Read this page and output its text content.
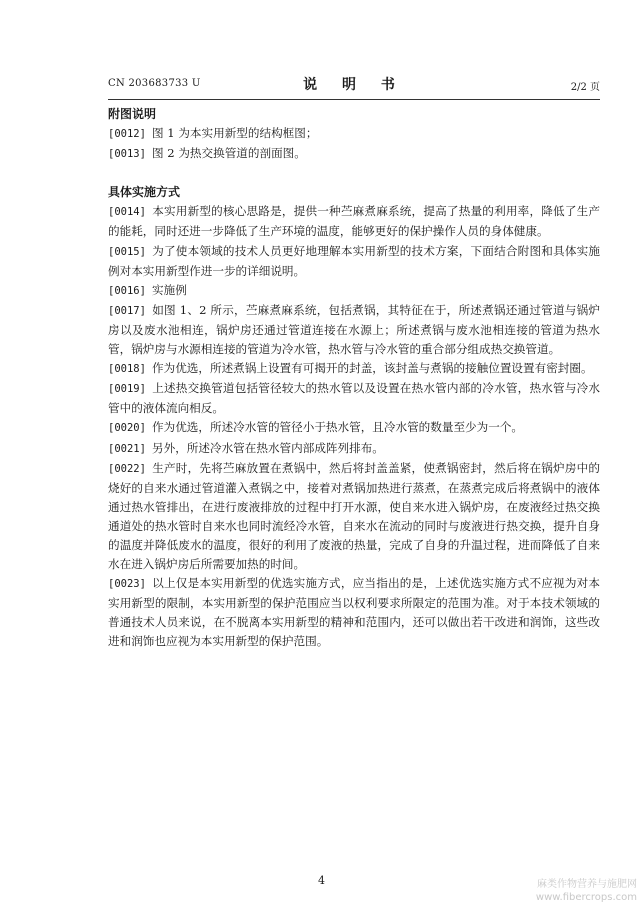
CN 203683733 U	说 明 书	2/2 页
附图说明
[0012] 图 1 为本实用新型的结构框图；
[0013] 图 2 为热交换管道的剖面图。
具体实施方式
[0014] 本实用新型的核心思路是，提供一种苎麻煮麻系统，提高了热量的利用率，降低了生产的能耗，同时还进一步降低了生产环境的温度，能够更好的保护操作人员的身体健康。
[0015] 为了使本领域的技术人员更好地理解本实用新型的技术方案，下面结合附图和具体实施例对本实用新型作进一步的详细说明。
[0016] 实施例
[0017] 如图 1、2 所示，苎麻煮麻系统，包括煮锅，其特征在于，所述煮锅还通过管道与锅炉房以及废水池相连，锅炉房还通过管道连接在水源上；所述煮锅与废水池相连接的管道为热水管，锅炉房与水源相连接的管道为冷水管，热水管与冷水管的重合部分组成热交换管道。
[0018] 作为优选，所述煮锅上设置有可揭开的封盖，该封盖与煮锅的接触位置设置有密封圈。
[0019] 上述热交换管道包括管径较大的热水管以及设置在热水管内部的冷水管，热水管与冷水管中的液体流向相反。
[0020] 作为优选，所述冷水管的管径小于热水管，且冷水管的数量至少为一个。
[0021] 另外，所述冷水管在热水管内部成阵列排布。
[0022] 生产时，先将苎麻放置在煮锅中，然后将封盖盖紧，使煮锅密封，然后将在锅炉房中的烧好的自来水通过管道灌入煮锅之中，接着对煮锅加热进行蒸煮，在蒸煮完成后将煮锅中的液体通过热水管排出，在进行废液排放的过程中打开水源，使自来水进入锅炉房，在废液经过热交换通道处的热水管时自来水也同时流经冷水管，自来水在流动的同时与废液进行热交换，提升自身的温度并降低废水的温度，很好的利用了废液的热量，完成了自身的升温过程，进而降低了自来水在进入锅炉房后所需要加热的时间。
[0023] 以上仅是本实用新型的优选实施方式，应当指出的是，上述优选实施方式不应视为对本实用新型的限制，本实用新型的保护范围应当以权利要求所限定的范围为准。对于本技术领域的普通技术人员来说，在不脱离本实用新型的精神和范围内，还可以做出若干改进和润饰，这些改进和润饰也应视为本实用新型的保护范围。
4	麻类作物营养与施肥网
www.fibercrops.com
